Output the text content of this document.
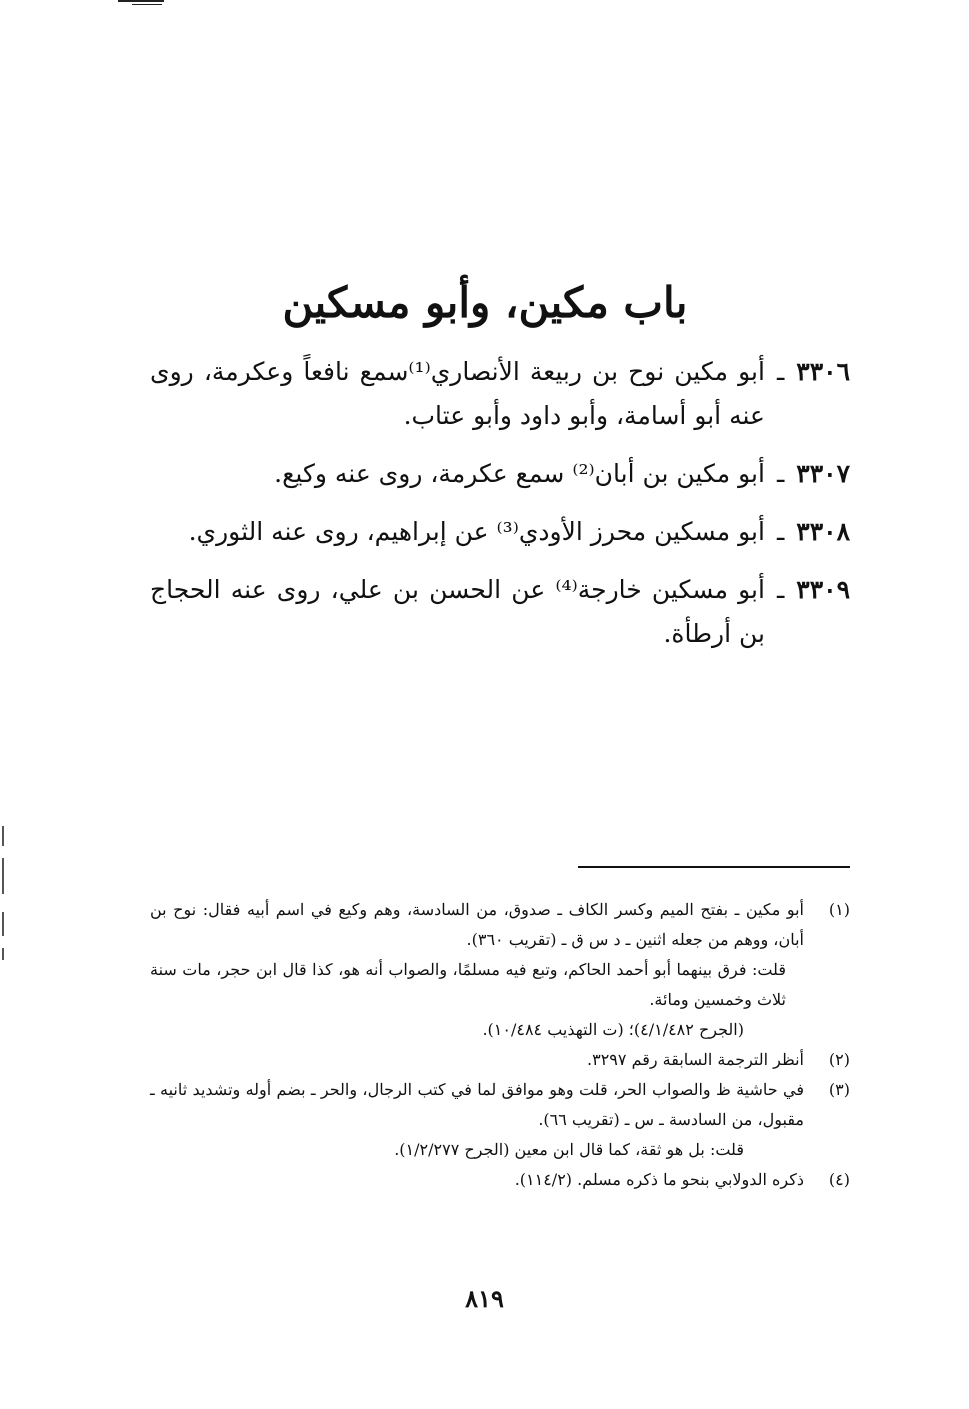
باب مكين، وأبو مسكين
٣٣٠٦
ـ
أبو مكين نوح بن ربيعة الأنصاري⁽¹⁾سمع نافعاً وعكرمة، روى عنه أبو أسامة، وأبو داود وأبو عتاب.
٣٣٠٧
ـ
أبو مكين بن أبان⁽²⁾ سمع عكرمة، روى عنه وكيع.
٣٣٠٨
ـ
أبو مسكين محرز الأودي⁽³⁾ عن إبراهيم، روى عنه الثوري.
٣٣٠٩
ـ
أبو مسكين خارجة⁽⁴⁾ عن الحسن بن علي، روى عنه الحجاج بن أرطأة.
(١)
أبو مكين ـ بفتح الميم وكسر الكاف ـ صدوق، من السادسة، وهم وكيع في اسم أبيه فقال: نوح بن أبان، ووهم من جعله اثنين ـ د س ق ـ (تقريب ٣٦٠).
قلت: فرق بينهما أبو أحمد الحاكم، وتبع فيه مسلمًا، والصواب أنه هو، كذا قال ابن حجر، مات سنة ثلاث وخمسين ومائة.
(الجرح ٤/١/٤٨٢)؛ (ت التهذيب ١٠/٤٨٤).
(٢)
أنظر الترجمة السابقة رقم ٣٢٩٧.
(٣)
في حاشية ظ والصواب الحر، قلت وهو موافق لما في كتب الرجال، والحر ـ بضم أوله وتشديد ثانيه ـ مقبول، من السادسة ـ س ـ (تقريب ٦٦).
قلت: بل هو ثقة، كما قال ابن معين (الجرح ١/٢/٢٧٧).
(٤)
ذكره الدولابي بنحو ما ذكره مسلم. (١١٤/٢).
٨١٩
